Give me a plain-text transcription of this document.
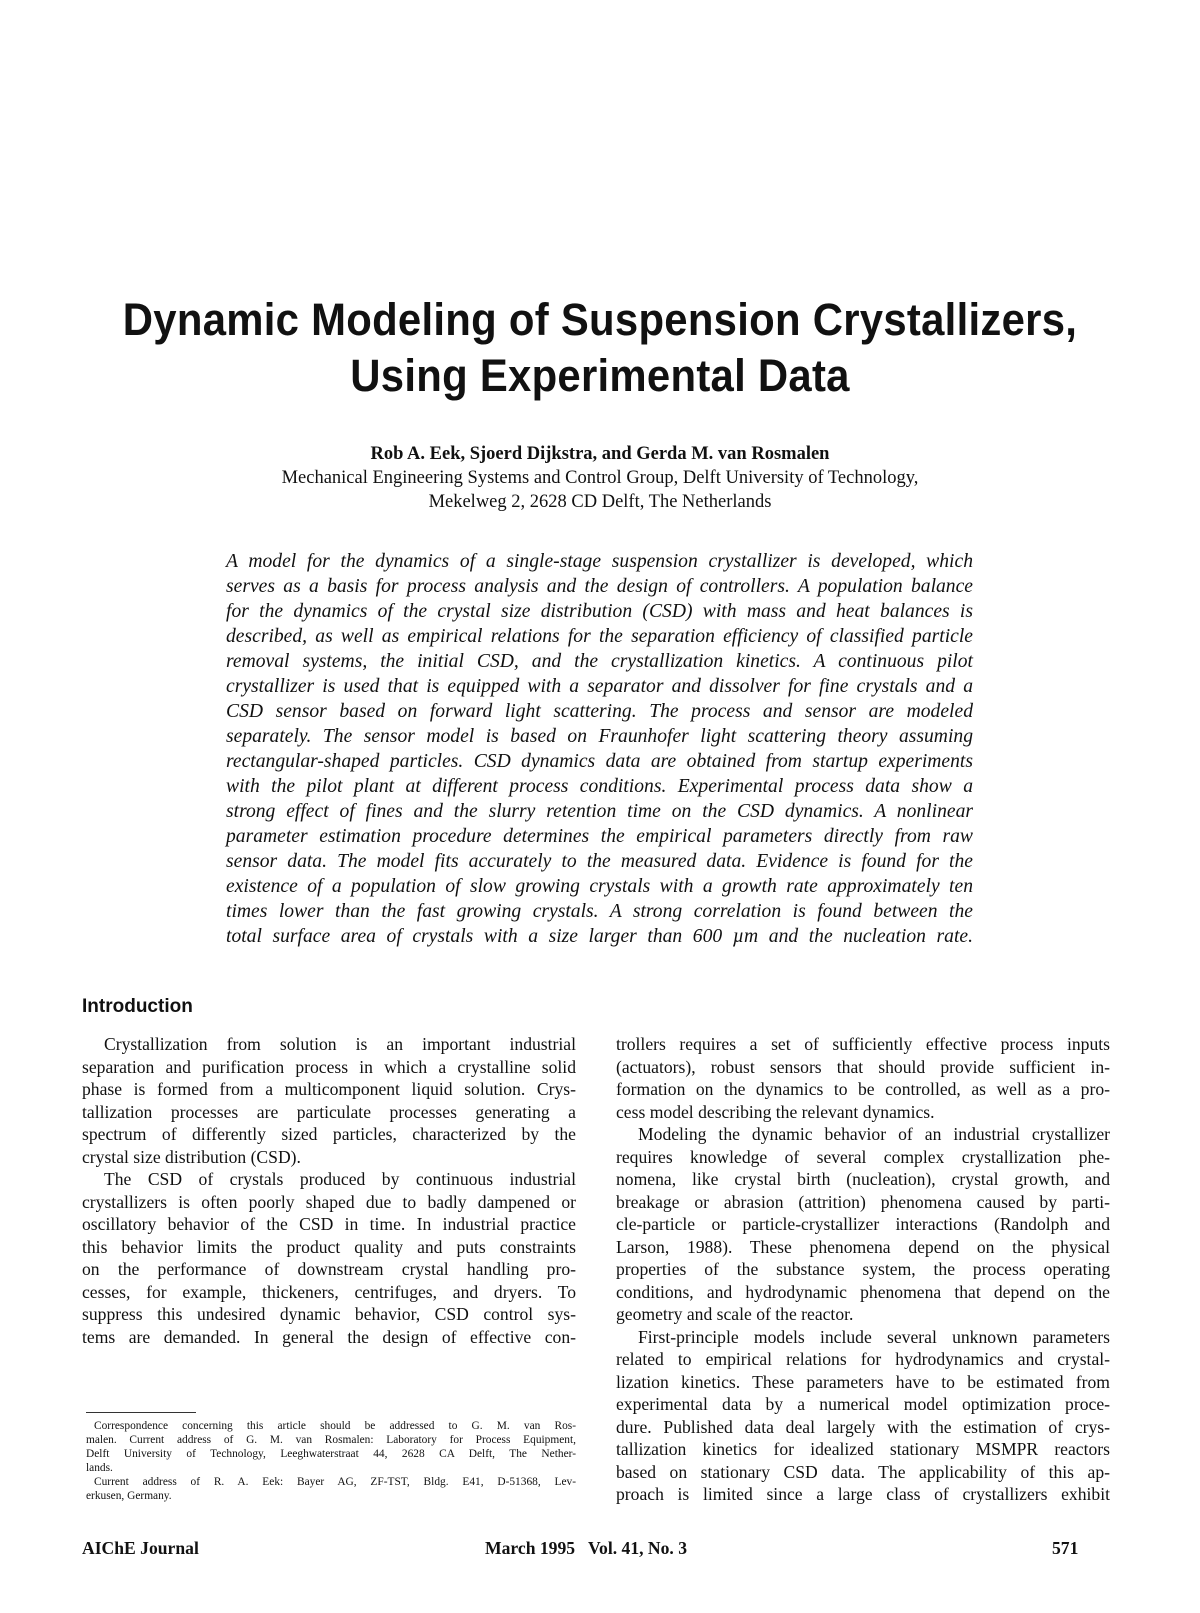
Dynamic Modeling of Suspension Crystallizers,
Using Experimental Data
Rob A. Eek, Sjoerd Dijkstra, and Gerda M. van Rosmalen
Mechanical Engineering Systems and Control Group, Delft University of Technology,
Mekelweg 2, 2628 CD Delft, The Netherlands
A model for the dynamics of a single-stage suspension crystallizer is developed, which
serves as a basis for process analysis and the design of controllers. A population balance
for the dynamics of the crystal size distribution (CSD) with mass and heat balances is
described, as well as empirical relations for the separation efficiency of classified particle
removal systems, the initial CSD, and the crystallization kinetics. A continuous pilot
crystallizer is used that is equipped with a separator and dissolver for fine crystals and a
CSD sensor based on forward light scattering. The process and sensor are modeled
separately. The sensor model is based on Fraunhofer light scattering theory assuming
rectangular-shaped particles. CSD dynamics data are obtained from startup experiments
with the pilot plant at different process conditions. Experimental process data show a
strong effect of fines and the slurry retention time on the CSD dynamics. A nonlinear
parameter estimation procedure determines the empirical parameters directly from raw
sensor data. The model fits accurately to the measured data. Evidence is found for the
existence of a population of slow growing crystals with a growth rate approximately ten
times lower than the fast growing crystals. A strong correlation is found between the
total surface area of crystals with a size larger than 600 µm and the nucleation rate.
Introduction
Crystallization from solution is an important industrial
separation and purification process in which a crystalline solid
phase is formed from a multicomponent liquid solution. Crys-
tallization processes are particulate processes generating a
spectrum of differently sized particles, characterized by the
crystal size distribution (CSD).
The CSD of crystals produced by continuous industrial
crystallizers is often poorly shaped due to badly dampened or
oscillatory behavior of the CSD in time. In industrial practice
this behavior limits the product quality and puts constraints
on the performance of downstream crystal handling pro-
cesses, for example, thickeners, centrifuges, and dryers. To
suppress this undesired dynamic behavior, CSD control sys-
tems are demanded. In general the design of effective con-
trollers requires a set of sufficiently effective process inputs
(actuators), robust sensors that should provide sufficient in-
formation on the dynamics to be controlled, as well as a pro-
cess model describing the relevant dynamics.
Modeling the dynamic behavior of an industrial crystallizer
requires knowledge of several complex crystallization phe-
nomena, like crystal birth (nucleation), crystal growth, and
breakage or abrasion (attrition) phenomena caused by parti-
cle-particle or particle-crystallizer interactions (Randolph and
Larson, 1988). These phenomena depend on the physical
properties of the substance system, the process operating
conditions, and hydrodynamic phenomena that depend on the
geometry and scale of the reactor.
First-principle models include several unknown parameters
related to empirical relations for hydrodynamics and crystal-
lization kinetics. These parameters have to be estimated from
experimental data by a numerical model optimization proce-
dure. Published data deal largely with the estimation of crys-
tallization kinetics for idealized stationary MSMPR reactors
based on stationary CSD data. The applicability of this ap-
proach is limited since a large class of crystallizers exhibit
Correspondence concerning this article should be addressed to G. M. van Ros-
malen. Current address of G. M. van Rosmalen: Laboratory for Process Equipment,
Delft University of Technology, Leeghwaterstraat 44, 2628 CA Delft, The Nether-
lands.
Current address of R. A. Eek: Bayer AG, ZF-TST, Bldg. E41, D-51368, Lev-
erkusen, Germany.
AIChE Journal	March 1995   Vol. 41, No. 3	571
